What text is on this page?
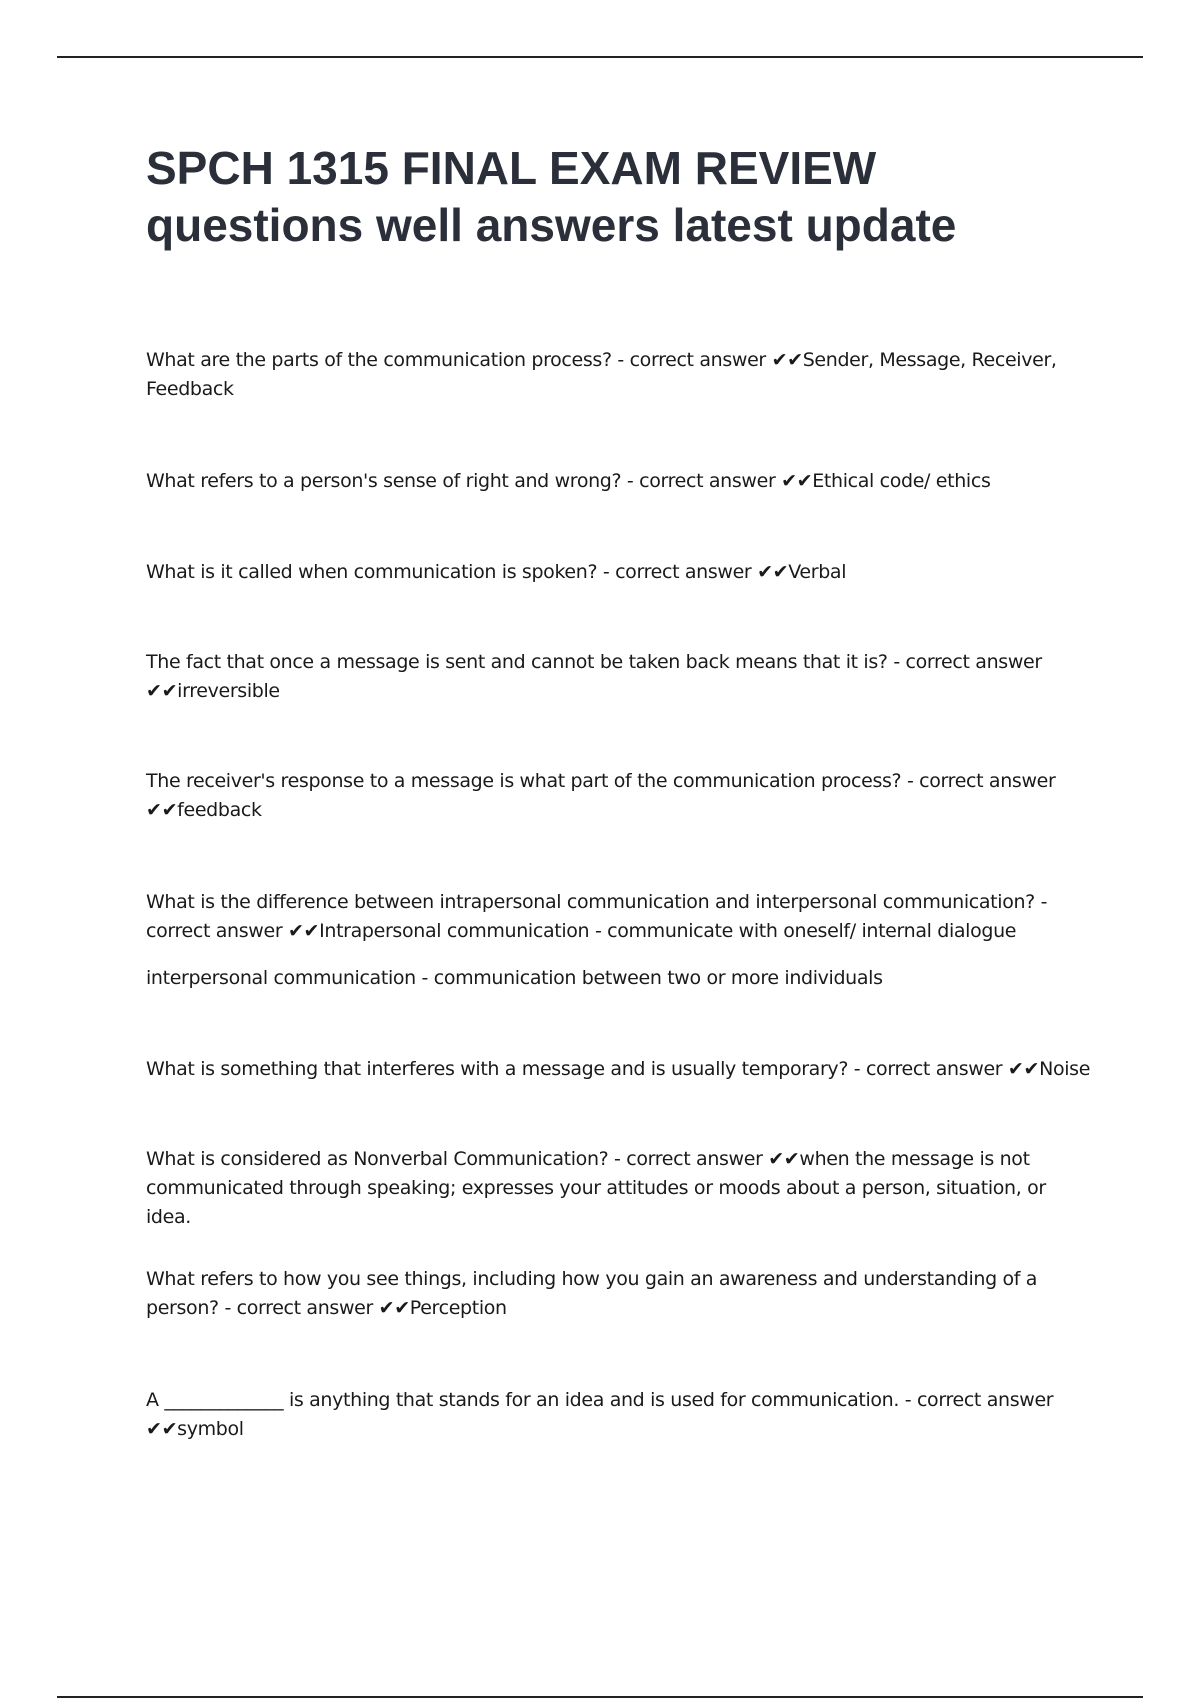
SPCH 1315 FINAL EXAM REVIEW
questions well answers latest update

What are the parts of the communication process? - correct answer ✔✔Sender, Message, Receiver, Feedback

What refers to a person's sense of right and wrong? - correct answer ✔✔Ethical code/ ethics

What is it called when communication is spoken? - correct answer ✔✔Verbal

The fact that once a message is sent and cannot be taken back means that it is? - correct answer ✔✔irreversible

The receiver's response to a message is what part of the communication process? - correct answer ✔✔feedback

What is the difference between intrapersonal communication and interpersonal communication? - correct answer ✔✔Intrapersonal communication - communicate with oneself/ internal dialogue

interpersonal communication - communication between two or more individuals

What is something that interferes with a message and is usually temporary? - correct answer ✔✔Noise

What is considered as Nonverbal Communication? - correct answer ✔✔when the message is not communicated through speaking; expresses your attitudes or moods about a person, situation, or idea.

What refers to how you see things, including how you gain an awareness and understanding of a person? - correct answer ✔✔Perception

A _____________ is anything that stands for an idea and is used for communication. - correct answer ✔✔symbol
